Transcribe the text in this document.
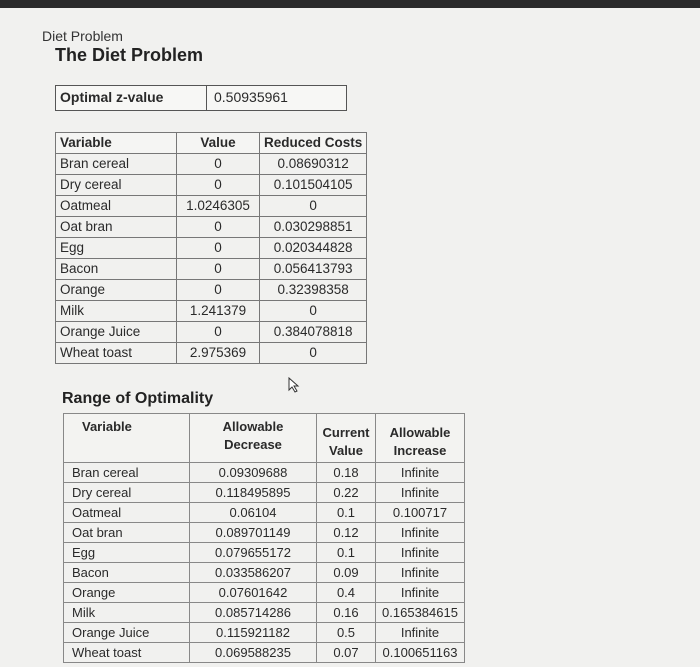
Diet Problem
The Diet Problem
Optimal z-value	0.50935961
Variable	Value	Reduced Costs
Bran cereal	0	0.08690312
Dry cereal	0	0.101504105
Oatmeal	1.0246305	0
Oat bran	0	0.030298851
Egg	0	0.020344828
Bacon	0	0.056413793
Orange	0	0.32398358
Milk	1.241379	0
Orange Juice	0	0.384078818
Wheat toast	2.975369	0
Range of Optimality
Variable	Allowable Decrease	Current Value	Allowable Increase
Bran cereal	0.09309688	0.18	Infinite
Dry cereal	0.118495895	0.22	Infinite
Oatmeal	0.06104	0.1	0.100717
Oat bran	0.089701149	0.12	Infinite
Egg	0.079655172	0.1	Infinite
Bacon	0.033586207	0.09	Infinite
Orange	0.07601642	0.4	Infinite
Milk	0.085714286	0.16	0.165384615
Orange Juice	0.115921182	0.5	Infinite
Wheat toast	0.069588235	0.07	0.100651163
